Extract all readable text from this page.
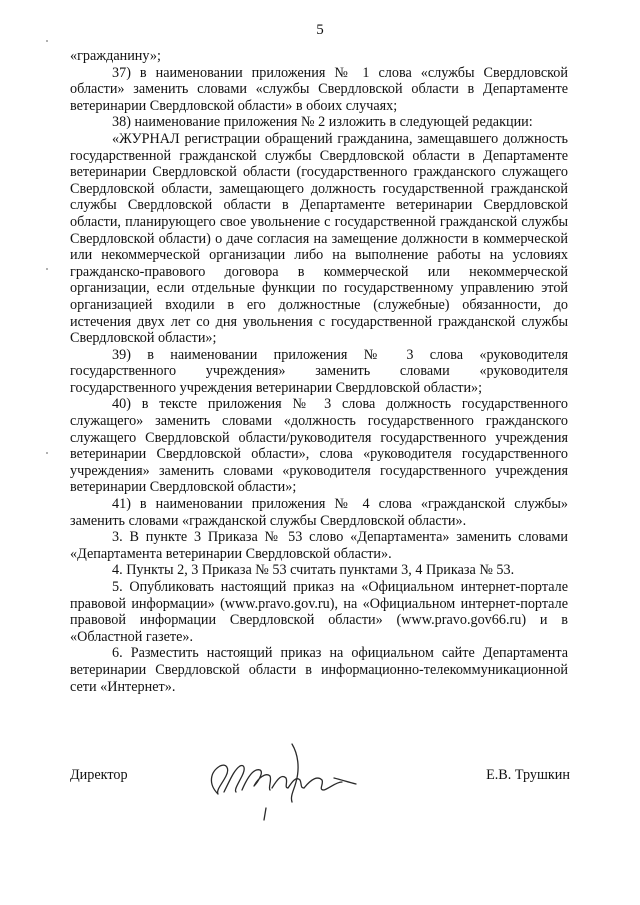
5

«гражданину»;

37) в наименовании приложения № 1 слова «службы Свердловской области» заменить словами «службы Свердловской области в Департаменте ветеринарии Свердловской области» в обоих случаях;

38) наименование приложения № 2 изложить в следующей редакции:

«ЖУРНАЛ регистрации обращений гражданина, замещавшего должность государственной гражданской службы Свердловской области в Департаменте ветеринарии Свердловской области (государственного гражданского служащего Свердловской области, замещающего должность государственной гражданской службы Свердловской области в Департаменте ветеринарии Свердловской области, планирующего свое увольнение с государственной гражданской службы Свердловской области) о даче согласия на замещение должности в коммерческой или некоммерческой организации либо на выполнение работы на условиях гражданско-правового договора в коммерческой или некоммерческой организации, если отдельные функции по государственному управлению этой организацией входили в его должностные (служебные) обязанности, до истечения двух лет со дня увольнения с государственной гражданской службы Свердловской области»;

39) в наименовании приложения № 3 слова «руководителя государственного учреждения» заменить словами «руководителя государственного учреждения ветеринарии Свердловской области»;

40) в тексте приложения № 3 слова должность государственного служащего» заменить словами «должность государственного гражданского служащего Свердловской области/руководителя государственного учреждения ветеринарии Свердловской области», слова «руководителя государственного учреждения» заменить словами «руководителя государственного учреждения ветеринарии Свердловской области»;

41) в наименовании приложения № 4 слова «гражданской службы» заменить словами «гражданской службы Свердловской области».

3. В пункте 3 Приказа № 53 слово «Департамента» заменить словами «Департамента ветеринарии Свердловской области».

4. Пункты 2, 3 Приказа № 53 считать пунктами 3, 4 Приказа № 53.

5. Опубликовать настоящий приказ на «Официальном интернет-портале правовой информации» (www.pravo.gov.ru), на «Официальном интернет-портале правовой информации Свердловской области» (www.pravo.gov66.ru) и в «Областной газете».

6. Разместить настоящий приказ на официальном сайте Департамента ветеринарии Свердловской области в информационно-телекоммуникационной сети «Интернет».

Директор	Е.В. Трушкин
